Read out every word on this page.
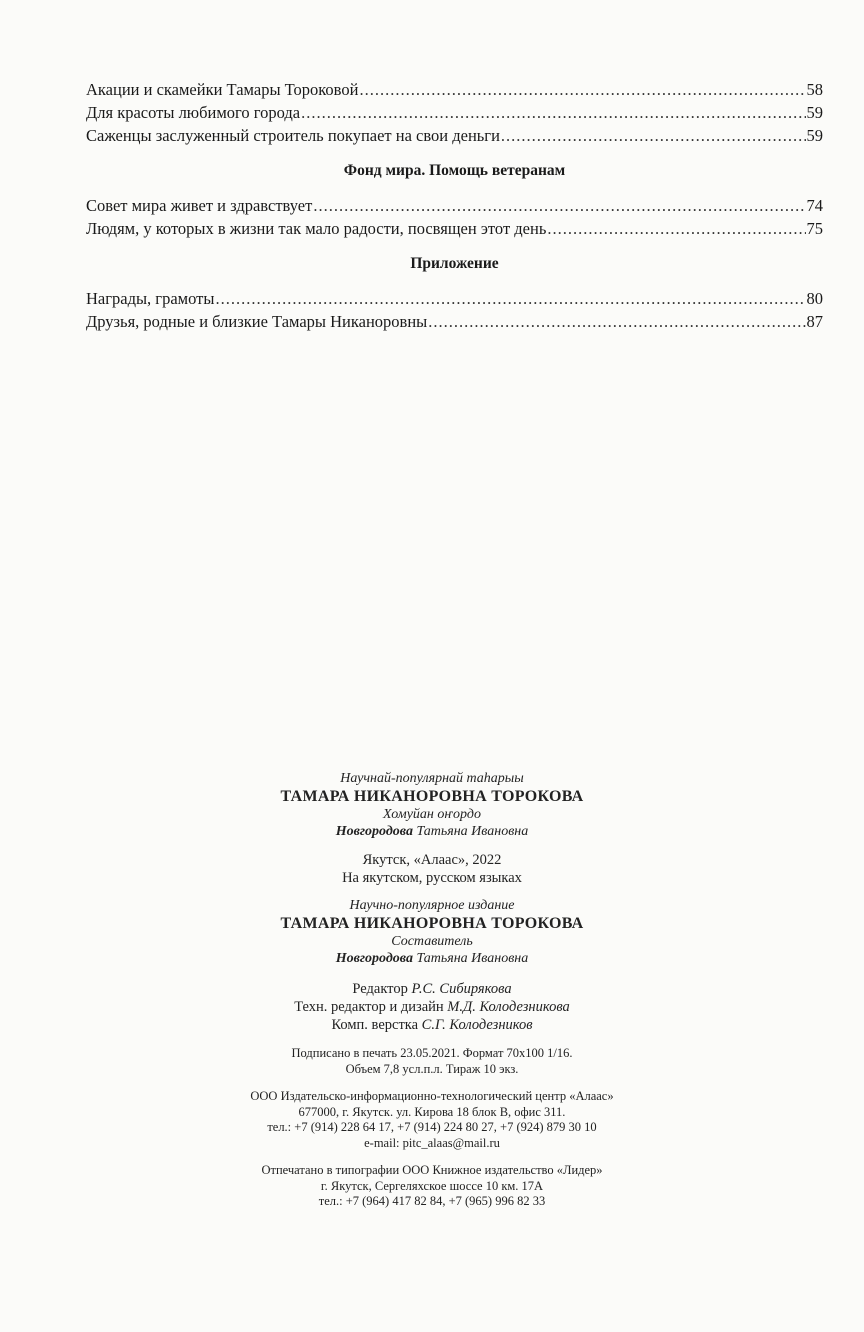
Акации и скамейки Тамары Тороковой .....	58
Для красоты любимого города .....	59
Саженцы заслуженный строитель покупает на свои деньги .....	59
Фонд мира. Помощь ветеранам
Совет мира живет и здравствует .....	74
Людям, у которых в жизни так мало радости, посвящен этот день .....	75
Приложение
Награды, грамоты .....	80
Друзья, родные и близкие Тамары Никаноровны .....	87
Научнай-популярнай таһарыы
ТАМАРА НИКАНОРОВНА ТОРОКОВА
Хомуйан оҥордо
Новгородова Татьяна Ивановна
Якутск, «Алаас», 2022
На якутском, русском языках
Научно-популярное издание
ТАМАРА НИКАНОРОВНА ТОРОКОВА
Составитель
Новгородова Татьяна Ивановна
Редактор Р.С. Сибирякова
Техн. редактор и дизайн М.Д. Колодезникова
Комп. верстка С.Г. Колодезников
Подписано в печать 23.05.2021. Формат 70х100 1/16.
Объем 7,8 усл.п.л. Тираж 10 экз.
ООО Издательско-информационно-технологический центр «Алаас»
677000, г. Якутск. ул. Кирова 18 блок В, офис 311.
тел.: +7 (914) 228 64 17, +7 (914) 224 80 27, +7 (924) 879 30 10
e-mail: pitc_alaas@mail.ru
Отпечатано в типографии ООО Книжное издательство «Лидер»
г. Якутск, Сергеляхское шоссе 10 км. 17А
тел.: +7 (964) 417 82 84, +7 (965) 996 82 33
